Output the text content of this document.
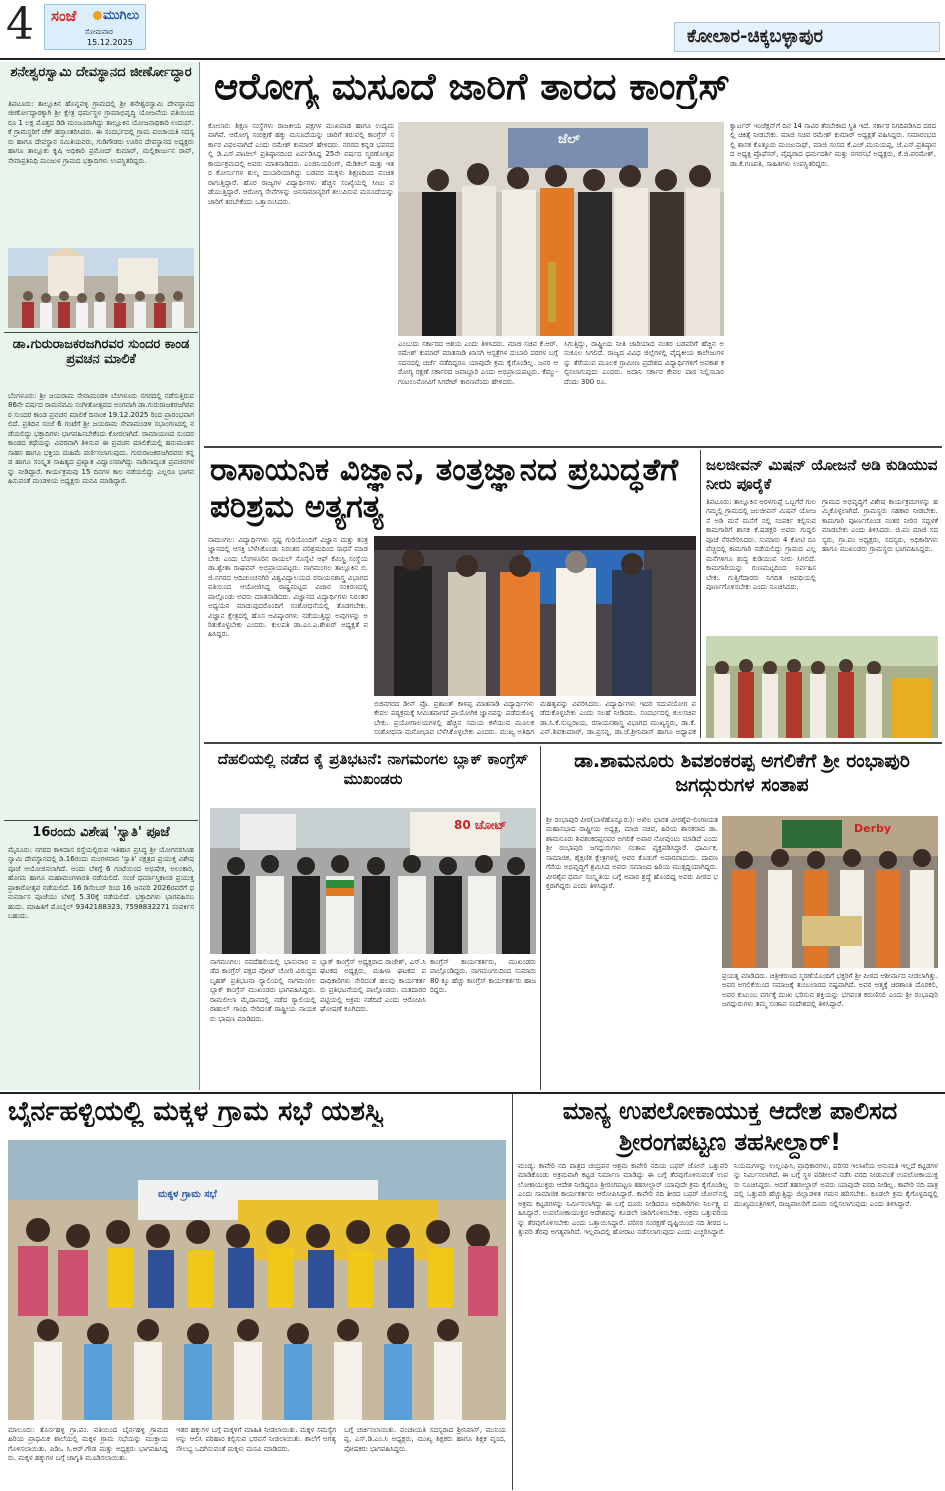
4 ಸಂಜೆ ಮುಗಿಲು
ಸೋಮವಾರ
15.12.2025	ಕೋಲಾರ-ಚಿಕ್ಕಬಳ್ಳಾಪುರ
ಶನೇಶ್ವರಸ್ವಾಮಿ ದೇವಸ್ಥಾನದ ಜೀರ್ಣೋದ್ಧಾರ
ತಿಪಟೂರು: ತಾಲ್ಲೂಕಿನ ಹೊನ್ನವಳ್ಳಿ ಗ್ರಾಮದಲ್ಲಿ ಶ್ರೀ ಶನೇಶ್ವರಸ್ವಾಮಿ ದೇವಸ್ಥಾನದ ಜೀರ್ಣೋದ್ಧಾರಕ್ಕಾಗಿ ಶ್ರೀ ಕ್ಷೇತ್ರ ಧರ್ಮಸ್ಥಳ ಗ್ರಾಮಾಭಿವೃದ್ಧಿ ಯೋಜನೆಯ ವತಿಯಿಂದ ರೂ 1 ಲಕ್ಷ ಮೊತ್ತದ ಡಿಡಿ ಮಂಜೂರಾಗಿದ್ದು ತಾಲ್ಲೂಕಿನ ಯೋಜನಾಧಿಕಾರಿ ಉದಯ್.ಕೆ ಗ್ರಾಮಸ್ಥರಿಗೆ ಚೆಕ್ ಹಸ್ತಾಂತರಿಸಿದರು. ಈ ಸಂದರ್ಭದಲ್ಲಿ ಗ್ರಾಮ ಪಂಚಾಯತಿ ಸದಸ್ಯರು ಹಾಗೂ ದೇವಸ್ಥಾನ ಸಮಿತಿಯವರು, ಗುಡಿಗೌಡರು ಊರಿನ ದೇವಸ್ಥಾನದ ಅಧ್ಯಕ್ಷರು ಹಾಗೂ ತಾಲ್ಲೂಕು ಕೃಷಿ ಅಧಿಕಾರಿ ಪ್ರಮೋದ್ ಕುಮಾರ್, ಮಲ್ಲಿಕಾರ್ಜುನ ರಾವ್, ಸೇವಾಪ್ರತಿನಿಧಿ ಮಂಜುಳ ಗ್ರಾಮದ ಭಕ್ತಾದಿಗಳು ಉಪಸ್ಥಿತರಿದ್ದರು.
ಡಾ.ಗುರುರಾಜಕರಜಗಿರವರ ಸುಂದರ ಕಾಂಡ ಪ್ರವಚನ ಮಾಲಿಕೆ
ಬೆಂಗಳೂರು: ಶ್ರೀ ಜಯರಾಮ ಸೇವಾಮಂಡಳಿ ಬೆಂಗಳೂರು ನಗರದಲ್ಲಿ ನಡೆಸುತ್ತಿರುವ 86ನೇ ವರ್ಷದ ರಾಮನವಮಿ ಸಂಗೀತೋತ್ಸವದ ಅಂಗವಾಗಿ ಡಾ.ಗುರುರಾಜಕರಜಗಿರವರ ಸುಂದರ ಕಾಂಡ ಪ್ರವಚನ ಮಾಲಿಕೆ ದಿನಾಂಕ 19.12.2025 ರಿಂದ ಪ್ರಾರಂಭವಾಗಲಿದೆ. ಪ್ರತಿದಿನ ಸಂಜೆ 6 ಗಂಟೆಗೆ ಶ್ರೀ ಜಯರಾಮ ಸೇವಾಮಂಡಳಿ ಸಭಾಂಗಣದಲ್ಲಿ ನಡೆಯಲಿದ್ದು ಭಕ್ತಾದಿಗಳು ಭಾಗವಹಿಸಬೇಕೆಂದು ಕೋರಲಾಗಿದೆ. ರಾಮಾಯಣದ ಸುಂದರ ಕಾಂಡದ ಕಥೆಯನ್ನು ವಿವರವಾಗಿ ತಿಳಿಸುವ ಈ ಪ್ರವಚನ ಮಾಲಿಕೆಯಲ್ಲಿ ಹನುಮಂತನ ಸಾಹಸ ಹಾಗೂ ಭಕ್ತಿಯ ಮಹಿಮೆ ವರ್ಣಿಸಲಾಗುವುದು. ಗುರುರಾಜಕರಜಗಿರವರು ಕನ್ನಡ ಹಾಗೂ ಸಂಸ್ಕೃತ ಸಾಹಿತ್ಯದ ಪ್ರಖ್ಯಾತ ವಿದ್ವಾಂಸರಾಗಿದ್ದು ನಾಡಿನಾದ್ಯಂತ ಪ್ರವಚನಗಳನ್ನು ನೀಡಿದ್ದಾರೆ. ಕಾರ್ಯಕ್ರಮವು 15 ದಿನಗಳ ಕಾಲ ನಡೆಯಲಿದ್ದು ಎಲ್ಲರೂ ಭಾಗವಹಿಸುವಂತೆ ಮಂಡಳಿಯ ಅಧ್ಯಕ್ಷರು ಮನವಿ ಮಾಡಿದ್ದಾರೆ.
16ರಂದು ವಿಶೇಷ 'ಸ್ವಾತಿ' ಪೂಜೆ
ಮೈಸೂರು: ನಗರದ ಕಾಳಿದಾಸ ರಸ್ತೆಯಲ್ಲಿರುವ ಇತಿಹಾಸ ಪ್ರಸಿದ್ಧ ಶ್ರೀ ಯೋಗನರಸಿಂಹಸ್ವಾಮಿ ದೇವಸ್ಥಾನದಲ್ಲಿ ಡಿ.16ರಂದು ಮಂಗಳವಾರ 'ಸ್ವಾತಿ' ನಕ್ಷತ್ರದ ಪ್ರಯುಕ್ತ ವಿಶೇಷ ಪೂಜೆ ಆಯೋಜಿಸಲಾಗಿದೆ. ಅಂದು ಬೆಳಿಗ್ಗೆ 6 ಗಂಟೆಯಿಂದ ಅಭಿಷೇಕ, ಅಲಂಕಾರ, ಹೋಮ ಹಾಗೂ ಮಹಾಮಂಗಳಾರತಿ ನಡೆಯಲಿದೆ. ಸಂಜೆ ಧರ್ಮಾಸ್ತಿಕಾಂಡ ಪ್ರಯುಕ್ತ ಪ್ರಾಕಾರೋತ್ಸವ ನಡೆಯಲಿದೆ. 16 ಡಿಸೆಂಬರ್ ರಿಂದ 16 ಜನವರಿ 2026ರವರೆಗೆ ಧನುರ್ಮಾಸ ಪೂಜೆಯು ಬೆಳಿಗ್ಗೆ 5.30ಕ್ಕೆ ನಡೆಯಲಿದೆ. ಭಕ್ತಾದಿಗಳು ಭಾಗವಹಿಸಬಹುದು. ಮಾಹಿತಿಗೆ ಮೊಬೈಲ್ 9342188323, 7598832271 ಸಂಪರ್ಕಿಸಬಹುದು.
ಆರೋಗ್ಯ ಮಸೂದೆ ಜಾರಿಗೆ ತಾರದ ಕಾಂಗ್ರೆಸ್
ಕೋಲಾರ: ಶಿಕ್ಷಣ ಸಂಸ್ಥೆಗಳು ರಾಜಕೀಯ ಪಕ್ಷಗಳ ಮುಖವಾಡ ಹಾಗೂ ಉದ್ಯಮವಾಗಿವೆ. ಆರೋಗ್ಯ ಸಂರಕ್ಷಣೆ ಹಕ್ಕು ಮಸೂದೆಯನ್ನು ಜಾರಿಗೆ ತರುವಲ್ಲಿ ಕಾಂಗ್ರೆಸ್ ಸರ್ಕಾರ ವಿಫಲವಾಗಿದೆ ಎಂದು ರಮೇಶ್ ಕುಮಾರ್ ಹೇಳಿದರು. ನಗರದ ಕನ್ನಡ ಭವನದಲ್ಲಿ ಡಿ.ಎಸ್.ಪಾಟೀಲ್ ಪ್ರತಿಷ್ಠಾನದಿಂದ ಏರ್ಪಡಿಸಿದ್ದ 25ನೇ ವರ್ಷದ ಸ್ಮರಣೋತ್ಸವ ಕಾರ್ಯಕ್ರಮದಲ್ಲಿ ಅವರು ಮಾತನಾಡಿದರು. ಎಂಜಿನಿಯರಿಂಗ್, ಮೆಡಿಕಲ್ ಮತ್ತು ಇತರ ಕೋರ್ಸುಗಳ ಶುಲ್ಕ ದುಬಾರಿಯಾಗಿದ್ದು ಬಡವರ ಮಕ್ಕಳು ಶಿಕ್ಷಣದಿಂದ ವಂಚಿತರಾಗುತ್ತಿದ್ದಾರೆ. ಹೊರ ರಾಜ್ಯಗಳ ವಿದ್ಯಾರ್ಥಿಗಳು ಹೆಚ್ಚಿನ ಸಂಖ್ಯೆಯಲ್ಲಿ ಸೀಟು ಪಡೆಯುತ್ತಿದ್ದಾರೆ. ಆರೋಗ್ಯ ಸೇವೆಗಳನ್ನು ಜನಸಾಮಾನ್ಯರಿಗೆ ತಲುಪಿಸುವ ಮಸೂದೆಯನ್ನು ಜಾರಿಗೆ ತರಬೇಕೆಂದು ಒತ್ತಾಯಿಸಿದರು.
ಜೆಲ್
ಎಂಬುದು ಸರ್ಕಾರದ ಆಶಯ ಎಂದು ತಿಳಿಸಿದರು. ಮಾಜಿ ಸಚಿವ ಕೆ.ಆರ್.ರಮೇಶ್ ಕುಮಾರ್ ಮಾತನಾಡಿ ಖಾಸಗಿ ಆಸ್ಪತ್ರೆಗಳ ದುಬಾರಿ ದರಗಳ ಬಗ್ಗೆ ಸದನದಲ್ಲಿ ಚರ್ಚೆ ನಡೆದಿದ್ದರೂ ಯಾವುದೇ ಕ್ರಮ ಕೈಗೊಂಡಿಲ್ಲ. ಜನರ ಆರೋಗ್ಯ ರಕ್ಷಣೆ ಸರ್ಕಾರದ ಜವಾಬ್ದಾರಿ ಎಂದು ಅಭಿಪ್ರಾಯಪಟ್ಟರು. ಕೆಮ್ಮು-ಗಂಟಲುನೋವಿಗೆ ಸಿಗರೇಟ್ ಕಾರಣವೆಂದು ಹೇಳಿದರು.
ಸಿಗುತ್ತಿದ್ದು, ರಾಷ್ಟ್ರೀಯ ನೀತಿ ಜಾರಿಯಾದ ನಂತರ ಬಡವರಿಗೆ ಹೆಚ್ಚಿನ ಅನುಕೂಲ ಸಿಗಲಿದೆ. ರಾಜ್ಯದ ವಿವಿಧ ಜಿಲ್ಲೆಗಳಲ್ಲಿ ವೈದ್ಯಕೀಯ ಕಾಲೇಜುಗಳನ್ನು ತೆರೆಯುವ ಮೂಲಕ ಗ್ರಾಮೀಣ ಪ್ರದೇಶದ ವಿದ್ಯಾರ್ಥಿಗಳಿಗೆ ಅವಕಾಶ ಕಲ್ಪಿಸಲಾಗುವುದು ಎಂದರು. ಅದಾನಿ ಸರ್ಕಾರ ಕೇವಲ ಪಾಠ ನಿಲ್ಲಿಸಬಾರದೆಂದು 300 ರೂ.
ಕ್ವಾರ್ಟರ್ ಇಂಜೆಕ್ಷನ್‌ಗೆ ದಿನ 14 ಸಾವಿರ ತೆರಬೇಕಾದ ಸ್ಥಿತಿ ಇದೆ. ಸರ್ಕಾರ ನಿಗದಿಪಡಿಸಿದ ದರದಲ್ಲಿ ಚಿಕಿತ್ಸೆ ನೀಡಬೇಕು. ಮಾಜಿ ಸಚಿವ ರಮೇಶ್ ಕುಮಾರ್ ಅಧ್ಯಕ್ಷತೆ ವಹಿಸಿದ್ದರು. ಸಮಾರಂಭದಲ್ಲಿ ಶಾಸಕ ಕೊತ್ತೂರು ಮಂಜುನಾಥ್, ಮಾಜಿ ಸಂಸದ ಕೆ.ಎಚ್.ಮುನಿಯಪ್ಪ, ಜೆ.ಎಸ್.ಪ್ರತಿಷ್ಠಾನದ ಅಧ್ಯಕ್ಷ ಪ್ರೊಫೆಸರ್, ವೈದ್ಯರಾದ ಧರ್ಮದರ್ಶಿ ಮತ್ತು ನಗರಸಭೆ ಅಧ್ಯಕ್ಷರು, ಕೆ.ಜಿ.ಪರಮೇಶ್, ಡಾ.ಕೆ.ಗಣಪತಿ, ಸಾಹಿತಿಗಳು ಉಪಸ್ಥಿತರಿದ್ದರು.
ರಾಸಾಯನಿಕ ವಿಜ್ಞಾನ, ತಂತ್ರಜ್ಞಾನದ ಪ್ರಬುದ್ಧತೆಗೆ ಪರಿಶ್ರಮ ಅತ್ಯಗತ್ಯ
ನಾಮಂಗಲ: ವಿದ್ಯಾರ್ಥಿಗಳು ಸ್ಪಷ್ಟ ಗುರಿಯೊಂದಿಗೆ ವಿಜ್ಞಾನ ಮತ್ತು ತಂತ್ರಜ್ಞಾನದಲ್ಲಿ ಆಸಕ್ತಿ ಬೆಳೆಸಿಕೊಂಡು ನಿರಂತರ ಪರಿಶ್ರಮದಿಂದ ಸಾಧನೆ ಮಾಡಬೇಕು ಎಂದು ಬೆಂಗಳೂರಿನ ರಾಯಲ್ ಸೊಸೈಟಿ ಆಫ್ ಕೆಮಿಸ್ಟ್ರಿ ಸಂಸ್ಥೆಯ ಡಾ.ಶ್ವೇತಾ ರಾಘವನ್ ಅಭಿಪ್ರಾಯಪಟ್ಟರು. ನಾಗಮಂಗಲ ತಾಲ್ಲೂಕಿನ ಬಿ.ಜಿ.ನಗರದ ಆದಿಚುಂಚನಗಿರಿ ವಿಶ್ವವಿದ್ಯಾಲಯದ ರಸಾಯನಶಾಸ್ತ್ರ ವಿಭಾಗದ ವತಿಯಿಂದ ಆಯೋಜಿಸಿದ್ದ ರಾಷ್ಟ್ರಮಟ್ಟದ ವಿಚಾರ ಸಂಕಿರಣದಲ್ಲಿ ಪಾಲ್ಗೊಂಡು ಅವರು ಮಾತನಾಡಿದರು. ವಿಜ್ಞಾನದ ವಿದ್ಯಾರ್ಥಿಗಳು ನಿರಂತರ ಅಧ್ಯಯನ ಮಾಡುವುದರೊಂದಿಗೆ ಸಂಶೋಧನೆಯಲ್ಲಿ ತೊಡಗಬೇಕು. ವಿಜ್ಞಾನ ಕ್ಷೇತ್ರದಲ್ಲಿ ಹೊಸ ಆವಿಷ್ಕಾರಗಳು ನಡೆಯುತ್ತಿದ್ದು ಅವುಗಳನ್ನು ಅರಿತುಕೊಳ್ಳಬೇಕು ಎಂದರು. ಕುಲಪತಿ ಡಾ.ಎಂ.ಎ.ಶೇಖರ್ ಅಧ್ಯಕ್ಷತೆ ವಹಿಸಿದ್ದರು.
ಬಿಜಿನಗರದ ಡೀನ್ ಪ್ರೊ. ಪ್ರಶಾಂತ್ ಕಾಳಪ್ಪ ಮಾತನಾಡಿ ವಿದ್ಯಾರ್ಥಿಗಳು ಕೇವಲ ಪಠ್ಯಕ್ರಮಕ್ಕೆ ಸೀಮಿತವಾಗದೆ ಪ್ರಾಯೋಗಿಕ ಜ್ಞಾನವನ್ನು ಪಡೆದುಕೊಳ್ಳಬೇಕು. ಪ್ರಯೋಗಾಲಯಗಳಲ್ಲಿ ಹೆಚ್ಚಿನ ಸಮಯ ಕಳೆಯುವ ಮೂಲಕ ಸಂಶೋಧನಾ ಮನೋಭಾವ ಬೆಳೆಸಿಕೊಳ್ಳಬೇಕು ಎಂದರು. ಮುಖ್ಯ ಅತಿಥಿಗ
ಮಹತ್ವವನ್ನು ವಿವರಿಸಿದರು. ವಿದ್ಯಾರ್ಥಿಗಳು ಇದರ ಸದುಪಯೋಗ ಪಡೆದುಕೊಳ್ಳಬೇಕು ಎಂದು ಸಲಹೆ ನೀಡಿದರು. ಸಂದರ್ಭದಲ್ಲಿ ಕುಲಸಚಿವ ಡಾ.ಸಿ.ಕೆ.ಸುಬ್ಬರಾಯ, ರಸಾಯನಶಾಸ್ತ್ರ ವಿಭಾಗದ ಮುಖ್ಯಸ್ಥರು, ಡಾ.ಕೆ.ಎನ್.ಶಿವಕುಮಾರ್, ಡಾ.ಪ್ರಸನ್ನ, ಡಾ.ಜೆ.ಶ್ರೀನಿವಾಸ್ ಹಾಗೂ ಅಧ್ಯಾಪಕ
ಜಲಜೀವನ್ ಮಿಷನ್ ಯೋಜನೆ ಅಡಿ ಕುಡಿಯುವ ನೀರು ಪೂರೈಕೆ
ತಿಪಟೂರು: ತಾಲ್ಲೂಕಿನ ಅರಳಗುಪ್ಪೆ ಒಬ್ಬಗೆರೆ ಗುಲಗಮ್ಮಲ್ಲಿ ಗ್ರಾಮದಲ್ಲಿ ಜಲಜೀವನ್ ಮಿಷನ್ ಯೋಜನೆ ಅಡಿ ಮನೆ ಮನೆಗೆ ನಲ್ಲಿ ಸಂಪರ್ಕ ಕಲ್ಪಿಸುವ ಕಾಮಗಾರಿಗೆ ಶಾಸಕ ಕೆ.ಷಡಕ್ಷರಿ ಅವರು ಗುದ್ದಲಿ ಪೂಜೆ ನೆರವೇರಿಸಿದರು. ಸುಮಾರು 4 ಕೋಟಿ ರೂ ವೆಚ್ಚದಲ್ಲಿ ಕಾಮಗಾರಿ ನಡೆಯಲಿದ್ದು ಗ್ರಾಮದ ಎಲ್ಲ ಮನೆಗಳಿಗೂ ಶುದ್ಧ ಕುಡಿಯುವ ನೀರು ಸಿಗಲಿದೆ. ಕಾಮಗಾರಿಯನ್ನು ಗುಣಮಟ್ಟದಿಂದ ನಿರ್ವಹಿಸಬೇಕು. ಗುತ್ತಿಗೆದಾರರು ನಿಗದಿತ ಅವಧಿಯಲ್ಲಿ ಪೂರ್ಣಗೊಳಿಸಬೇಕು ಎಂದು ಸೂಚಿಸಿದರು.
ಗ್ರಾಮದ ಅಭಿವೃದ್ಧಿಗೆ ವಿಶೇಷ ಕಾರ್ಯಕ್ರಮಗಳನ್ನು ಹಮ್ಮಿಕೊಳ್ಳಲಾಗಿದೆ. ಗ್ರಾಮಸ್ಥರು ಸಹಕಾರ ನೀಡಬೇಕು. ಕಾಮಗಾರಿ ಪೂರ್ಣಗೊಂಡ ನಂತರ ನೀರಿನ ಸದ್ಬಳಕೆ ಮಾಡಬೇಕು ಎಂದು ತಿಳಿಸಿದರು. ಜಿ.ಪಂ ಮಾಜಿ ಸದಸ್ಯರು, ಗ್ರಾ.ಪಂ ಅಧ್ಯಕ್ಷರು, ಸದಸ್ಯರು, ಅಧಿಕಾರಿಗಳು ಹಾಗೂ ಮುಖಂಡರು ಗ್ರಾಮಸ್ಥರು ಭಾಗವಹಿಸಿದ್ದರು.
ದೆಹಲಿಯಲ್ಲಿ ನಡೆದ ಕೈ ಪ್ರತಿಭಟನೆ: ನಾಗಮಂಗಲ ಬ್ಲಾಕ್ ಕಾಂಗ್ರೆಸ್ ಮುಖಂಡರು
80 ಚೋಟ್
ನಾಗಮಂಗಲ: ನವದೆಹಲಿಯಲ್ಲಿ ಭಾನುವಾರ ನಡೆದ ಕಾಂಗ್ರೆಸ್ ಪಕ್ಷದ ವೋಟ್ ಚೋರಿ ವಿರುದ್ಧದ ಬೃಹತ್ ಪ್ರತಿಭಟನಾ ರ‍್ಯಾಲಿಯಲ್ಲಿ ನಾಗಮಂಗಲ ಬ್ಲಾಕ್ ಕಾಂಗ್ರೆಸ್ ಮುಖಂಡರು ಭಾಗವಹಿಸಿದ್ದರು. ರಾಮಲೀಲಾ ಮೈದಾನದಲ್ಲಿ ನಡೆದ ರ‍್ಯಾಲಿಯಲ್ಲಿ ರಾಹುಲ್ ಗಾಂಧಿ ಸೇರಿದಂತೆ ರಾಷ್ಟ್ರೀಯ ನಾಯಕರು ಭಾಷಣ ಮಾಡಿದರು.
ಬ್ಲಾಕ್ ಕಾಂಗ್ರೆಸ್ ಅಧ್ಯಕ್ಷರಾದ ರಾಜೇಶ್, ಎಸ್.ಸಿ ಘಟಕದ ಅಧ್ಯಕ್ಷರು, ಮಹಿಳಾ ಘಟಕದ ಪದಾಧಿಕಾರಿಗಳು ಸೇರಿದಂತೆ ಹಲವು ಕಾರ್ಯಕರ್ತರು ಪ್ರತಿಭಟನೆಯಲ್ಲಿ ಪಾಲ್ಗೊಂಡರು. ಮತದಾರರ ಪಟ್ಟಿಯಲ್ಲಿ ಅಕ್ರಮ ನಡೆದಿದೆ ಎಂದು ಆರೋಪಿಸಿ ಘೋಷಣೆ ಕೂಗಿದರು.
ಕಾಂಗ್ರೆಸ್ ಕಾರ್ಯಕರ್ತರು, ಮುಖಂಡರು ಪಾಲ್ಗೊಂಡಿದ್ದರು. ನಾಗಮಂಗಲದಿಂದ ಸುಮಾರು 80 ಕ್ಕೂ ಹೆಚ್ಚು ಕಾಂಗ್ರೆಸ್ ಕಾರ್ಯಕರ್ತರು ಹಾಜರಿದ್ದರು.
ಡಾ.ಶಾಮನೂರು ಶಿವಶಂಕರಪ್ಪ ಅಗಲಿಕೆಗೆ ಶ್ರೀ ರಂಭಾಪುರಿ ಜಗದ್ಗುರುಗಳ ಸಂತಾಪ
ಶ್ರೀ ರಂಭಾಪುರಿ ಪೀಠ(ಬಾಳೆಹೊನ್ನೂರು): ಅಖಿಲ ಭಾರತ ವೀರಶೈವ-ಲಿಂಗಾಯತ ಮಹಾಸಭಾದ ರಾಷ್ಟ್ರೀಯ ಅಧ್ಯಕ್ಷ, ಮಾಜಿ ಸಚಿವ, ಹಿರಿಯ ಶಾಸಕರಾದ ಡಾ.ಶಾಮನೂರು ಶಿವಶಂಕರಪ್ಪನವರ ಅಗಲಿಕೆ ಅಪಾರ ನೋವುಂಟು ಮಾಡಿದೆ ಎಂದು ಶ್ರೀ ರಂಭಾಪುರಿ ಜಗದ್ಗುರುಗಳು ಸಂತಾಪ ವ್ಯಕ್ತಪಡಿಸಿದ್ದಾರೆ. ಧಾರ್ಮಿಕ, ಸಾಮಾಜಿಕ, ಶೈಕ್ಷಣಿಕ ಕ್ಷೇತ್ರಗಳಲ್ಲಿ ಅವರ ಕೊಡುಗೆ ಅಪಾರವಾದುದು. ದಾವಣಗೆರೆಯ ಅಭಿವೃದ್ಧಿಗೆ ಶ್ರಮಿಸಿದ ಅವರು ಸಮಾಜದ ಹಿರಿಯ ಮುತ್ಸದ್ದಿಯಾಗಿದ್ದರು. ವೀರಶೈವ ಧರ್ಮ ಸಂಸ್ಕೃತಿಯ ಬಗ್ಗೆ ಅಪಾರ ಶ್ರದ್ಧೆ ಹೊಂದಿದ್ದ ಅವರು ಪೀಠದ ಭಕ್ತರಾಗಿದ್ದರು ಎಂದು ತಿಳಿಸಿದ್ದಾರೆ.
Derby
ಪ್ರಯತ್ನ ಮಾಡಿದರು. ಚಿತ್ರೀಕರಣದ ಸ್ಮರಣೆಯೊಂದಿಗೆ ಭಕ್ತರಿಗೆ ಶ್ರೀ ಪೀಠದ ಆಶೀರ್ವಾದ ನೀಡಲಾಗಿತ್ತು. ಅವರ ಅಗಲಿಕೆಯಿಂದ ಸಮಾಜಕ್ಕೆ ತುಂಬಲಾರದ ನಷ್ಟವಾಗಿದೆ. ಅವರ ಆತ್ಮಕ್ಕೆ ಚಿರಶಾಂತಿ ದೊರಕಲಿ, ಅವರ ಕುಟುಂಬ ವರ್ಗಕ್ಕೆ ದುಃಖ ಭರಿಸುವ ಶಕ್ತಿಯನ್ನು ಭಗವಂತ ಕರುಣಿಸಲಿ ಎಂದು ಶ್ರೀ ರಂಭಾಪುರಿ ಜಗದ್ಗುರುಗಳು ತಮ್ಮ ಸಂತಾಪ ಸಂದೇಶದಲ್ಲಿ ತಿಳಿಸಿದ್ದಾರೆ.
ಬೈರ್ನಹಳ್ಳಿಯಲ್ಲಿ ಮಕ್ಕಳ ಗ್ರಾಮ ಸಭೆ ಯಶಸ್ವಿ
ಮಕ್ಕಳ ಗ್ರಾಮ ಸಭೆ
ಮಾಲೂರು: ತೊರ್ನಹಳ್ಳಿ ಗ್ರಾ.ಪಂ. ವತಿಯಿಂದ ಬೈರ್ನಹಳ್ಳಿ ಗ್ರಾಮದ ಹಿರಿಯ ಪ್ರಾಥಮಿಕ ಶಾಲೆಯಲ್ಲಿ ಮಕ್ಕಳ ಗ್ರಾಮ ಸಭೆಯನ್ನು ಮುಕ್ತಾಯಗೊಳಿಸಲಾಯಿತು. ಪಿಡಿಒ ಸಿ.ಆರ್.ಗೌಡ ಮತ್ತು ಅಧ್ಯಕ್ಷರು ಭಾಗವಹಿಸಿದ್ದರು. ಮಕ್ಕಳ ಹಕ್ಕುಗಳ ಬಗ್ಗೆ ಜಾಗೃತಿ ಮೂಡಿಸಲಾಯಿತು.
ಇತರ ಹಕ್ಕುಗಳ ಬಗ್ಗೆ ಮಕ್ಕಳಿಗೆ ಮಾಹಿತಿ ನೀಡಲಾಯಿತು. ಮಕ್ಕಳ ಸಮಸ್ಯೆಗಳನ್ನು ಆಲಿಸಿ ಪರಿಹಾರ ಕಲ್ಪಿಸುವ ಭರವಸೆ ನೀಡಲಾಯಿತು. ಶಾಲೆಗೆ ಅಗತ್ಯ ಸೌಲಭ್ಯ ಒದಗಿಸುವಂತೆ ಮಕ್ಕಳು ಮನವಿ ಮಾಡಿದರು.
ಬಗ್ಗೆ ಚರ್ಚಿಸಲಾಯಿತು. ಪಂಚಾಯತಿ ಸದಸ್ಯರಾದ ಶ್ರೀನಿವಾಸ್, ಮುನಿಯಪ್ಪ, ಎಸ್.ಡಿ.ಎಂ.ಸಿ ಅಧ್ಯಕ್ಷರು, ಮುಖ್ಯ ಶಿಕ್ಷಕರು ಹಾಗೂ ಶಿಕ್ಷಕ ವೃಂದ, ಪೋಷಕರು ಭಾಗವಹಿಸಿದ್ದರು.
ಮಾನ್ಯ ಉಪಲೋಕಾಯುಕ್ತ ಆದೇಶ ಪಾಲಿಸದ ಶ್ರೀರಂಗಪಟ್ಟಣ ತಹಸೀಲ್ದಾರ್!
ಮಂಡ್ಯ: ಕಾವೇರಿ ನದಿ ಪಾತ್ರದ ಚಂದ್ರವನ ಆಶ್ರಮ ಕಾವೇರಿ ನದಿಯ ಬಫರ್ ಜೋನ್ ಒತ್ತುವರಿ ಮಾಡಿಕೊಂಡು ಅಕ್ರಮವಾಗಿ ಕಟ್ಟಡ ನಿರ್ಮಾಣ ಮಾಡಿದ್ದು ಈ ಬಗ್ಗೆ ತೆರವುಗೊಳಿಸುವಂತೆ ಉಪಲೋಕಾಯುಕ್ತರು ಆದೇಶ ನೀಡಿದ್ದರೂ ಶ್ರೀರಂಗಪಟ್ಟಣ ತಹಸೀಲ್ದಾರ್ ಯಾವುದೇ ಕ್ರಮ ಕೈಗೊಂಡಿಲ್ಲ ಎಂದು ಸಾಮಾಜಿಕ ಕಾರ್ಯಕರ್ತರು ಆರೋಪಿಸಿದ್ದಾರೆ. ಕಾವೇರಿ ನದಿ ತೀರದ ಬಫರ್ ಜೋನ್‌ನಲ್ಲಿ ಅಕ್ರಮ ಕಟ್ಟಡಗಳನ್ನು ನಿರ್ಮಿಸಲಾಗಿದ್ದು ಈ ಬಗ್ಗೆ ದೂರು ನೀಡಿದರೂ ಅಧಿಕಾರಿಗಳು ನಿರ್ಲಕ್ಷ್ಯ ವಹಿಸಿದ್ದಾರೆ. ಉಪಲೋಕಾಯುಕ್ತರ ಆದೇಶವನ್ನು ಕೂಡಲೇ ಜಾರಿಗೊಳಿಸಬೇಕು. ಅಕ್ರಮ ಒತ್ತುವರಿಯನ್ನು ತೆರವುಗೊಳಿಸಬೇಕು ಎಂದು ಒತ್ತಾಯಿಸಿದ್ದಾರೆ. ಪರಿಸರ ಸಂರಕ್ಷಣೆ ದೃಷ್ಟಿಯಿಂದ ನದಿ ತೀರದ ಒತ್ತುವರಿ ತೆರವು ಅಗತ್ಯವಾಗಿದೆ. ಇಲ್ಲವಾದಲ್ಲಿ ಹೋರಾಟ ನಡೆಸಲಾಗುವುದು ಎಂದು ಎಚ್ಚರಿಸಿದ್ದಾರೆ.
ನಿಯಮಗಳನ್ನು ಉಲ್ಲಂಘಿಸಿ, ಪ್ರಾಧಿಕಾರಗಳು, ಪರಿಸರ ಇಲಾಖೆಯ ಅನುಮತಿ ಇಲ್ಲದೆ ಕಟ್ಟಡಗಳನ್ನು ನಿರ್ಮಿಸಲಾಗಿದೆ. ಈ ಬಗ್ಗೆ ಸ್ಥಳ ಪರಿಶೀಲನೆ ನಡೆಸಿ ವರದಿ ನೀಡುವಂತೆ ಉಪಲೋಕಾಯುಕ್ತರು ಸೂಚಿಸಿದ್ದರು. ಆದರೆ ತಹಸೀಲ್ದಾರ್ ಅವರು ಯಾವುದೇ ವರದಿ ನೀಡಿಲ್ಲ. ಕಾವೇರಿ ನದಿ ಪಾತ್ರದಲ್ಲಿ ಒತ್ತುವರಿ ಹೆಚ್ಚುತ್ತಿದ್ದು ಜಿಲ್ಲಾಡಳಿತ ಗಮನ ಹರಿಸಬೇಕು. ಕೂಡಲೇ ಕ್ರಮ ಕೈಗೊಳ್ಳದಿದ್ದಲ್ಲಿ ಮುಖ್ಯಮಂತ್ರಿಗಳಿಗೆ, ರಾಜ್ಯಪಾಲರಿಗೆ ದೂರು ಸಲ್ಲಿಸಲಾಗುವುದು ಎಂದು ತಿಳಿಸಿದ್ದಾರೆ.
